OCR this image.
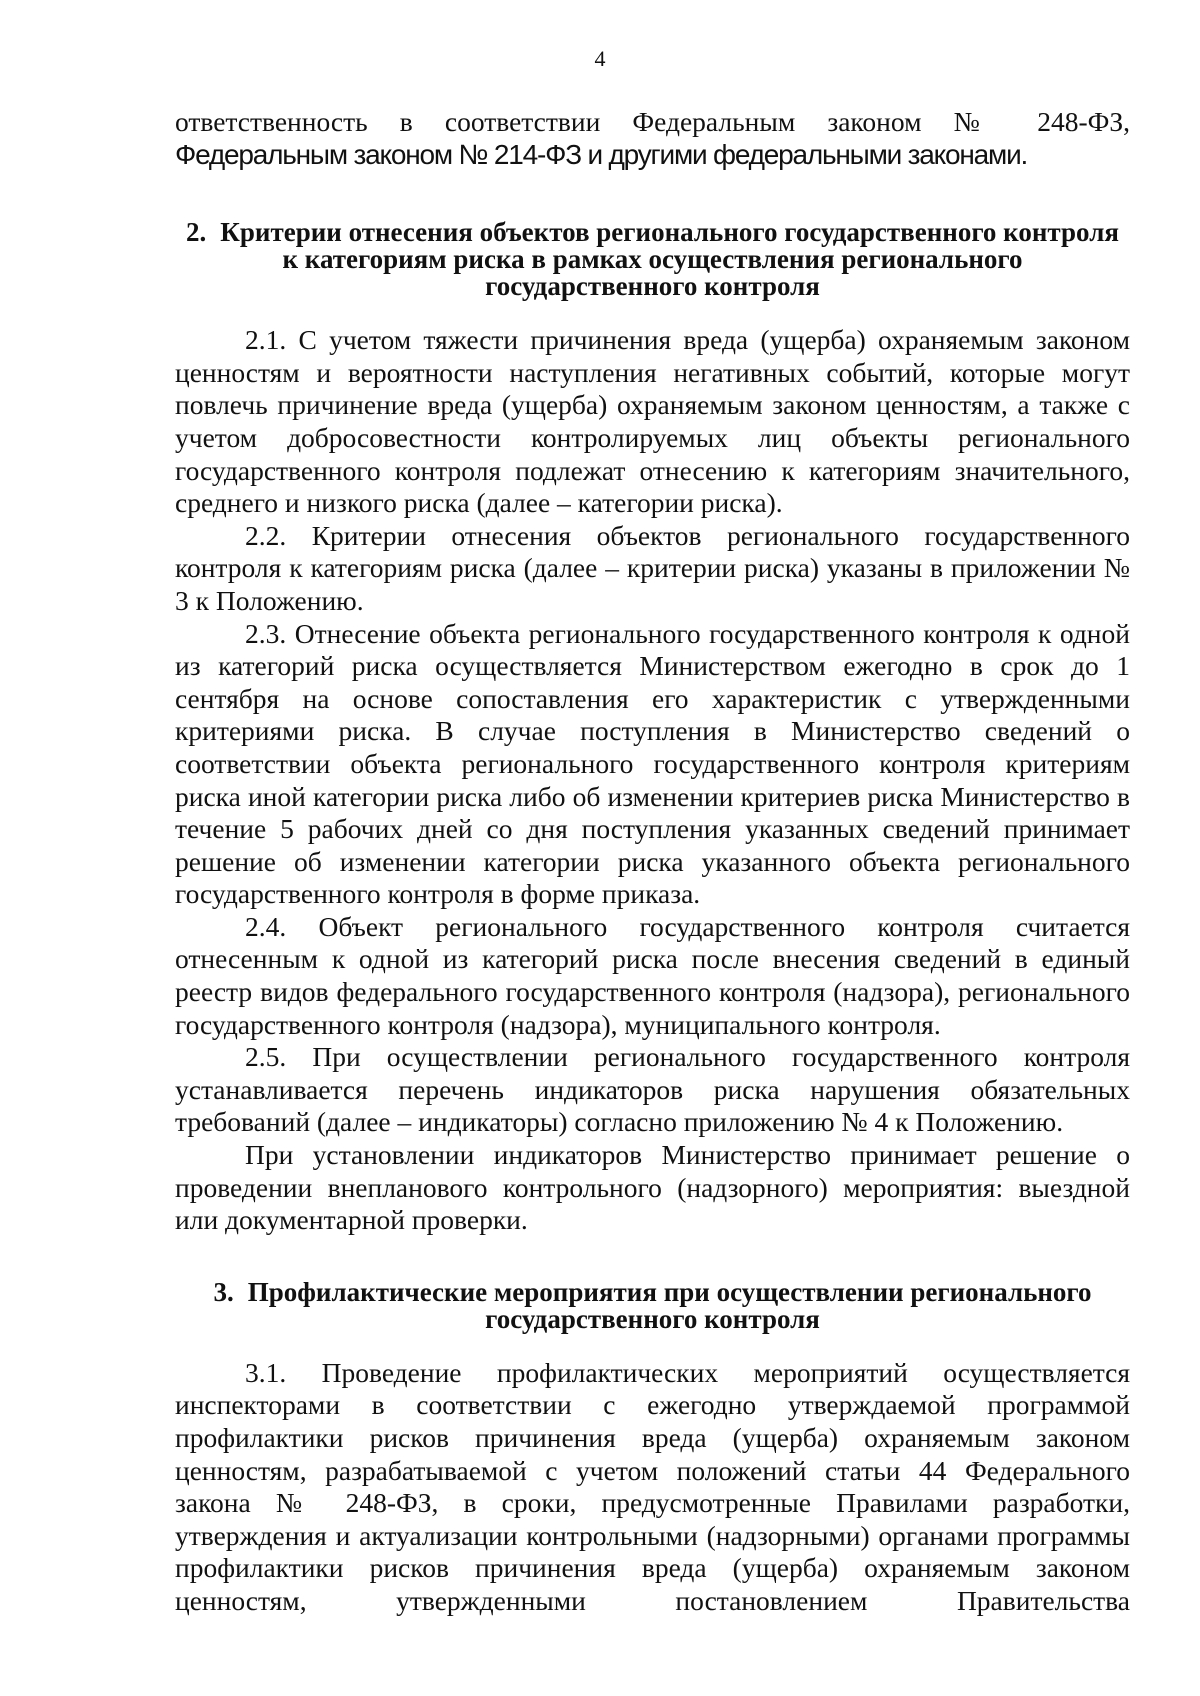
4

ответственность в соответствии Федеральным законом № 248-ФЗ,

Федеральным законом № 214-ФЗ и другими федеральными законами.

2. Критерии отнесения объектов регионального государственного контроля к категориям риска в рамках осуществления регионального государственного контроля

2.1. С учетом тяжести причинения вреда (ущерба) охраняемым законом ценностям и вероятности наступления негативных событий, которые могут повлечь причинение вреда (ущерба) охраняемым законом ценностям, а также с учетом добросовестности контролируемых лиц объекты регионального государственного контроля подлежат отнесению к категориям значительного, среднего и низкого риска (далее – категории риска).

2.2. Критерии отнесения объектов регионального государственного контроля к категориям риска (далее – критерии риска) указаны в приложении № 3 к Положению.

2.3. Отнесение объекта регионального государственного контроля к одной из категорий риска осуществляется Министерством ежегодно в срок до 1 сентября на основе сопоставления его характеристик с утвержденными критериями риска. В случае поступления в Министерство сведений о соответствии объекта регионального государственного контроля критериям риска иной категории риска либо об изменении критериев риска Министерство в течение 5 рабочих дней со дня поступления указанных сведений принимает решение об изменении категории риска указанного объекта регионального государственного контроля в форме приказа.

2.4. Объект регионального государственного контроля считается отнесенным к одной из категорий риска после внесения сведений в единый реестр видов федерального государственного контроля (надзора), регионального государственного контроля (надзора), муниципального контроля.

2.5. При осуществлении регионального государственного контроля устанавливается перечень индикаторов риска нарушения обязательных требований (далее – индикаторы) согласно приложению № 4 к Положению.

При установлении индикаторов Министерство принимает решение о проведении внепланового контрольного (надзорного) мероприятия: выездной или документарной проверки.

3. Профилактические мероприятия при осуществлении регионального государственного контроля

3.1. Проведение профилактических мероприятий осуществляется инспекторами в соответствии с ежегодно утверждаемой программой профилактики рисков причинения вреда (ущерба) охраняемым законом ценностям, разрабатываемой с учетом положений статьи 44 Федерального закона № 248-ФЗ, в сроки, предусмотренные Правилами разработки, утверждения и актуализации контрольными (надзорными) органами программы профилактики рисков причинения вреда (ущерба) охраняемым законом ценностям, утвержденными постановлением Правительства
